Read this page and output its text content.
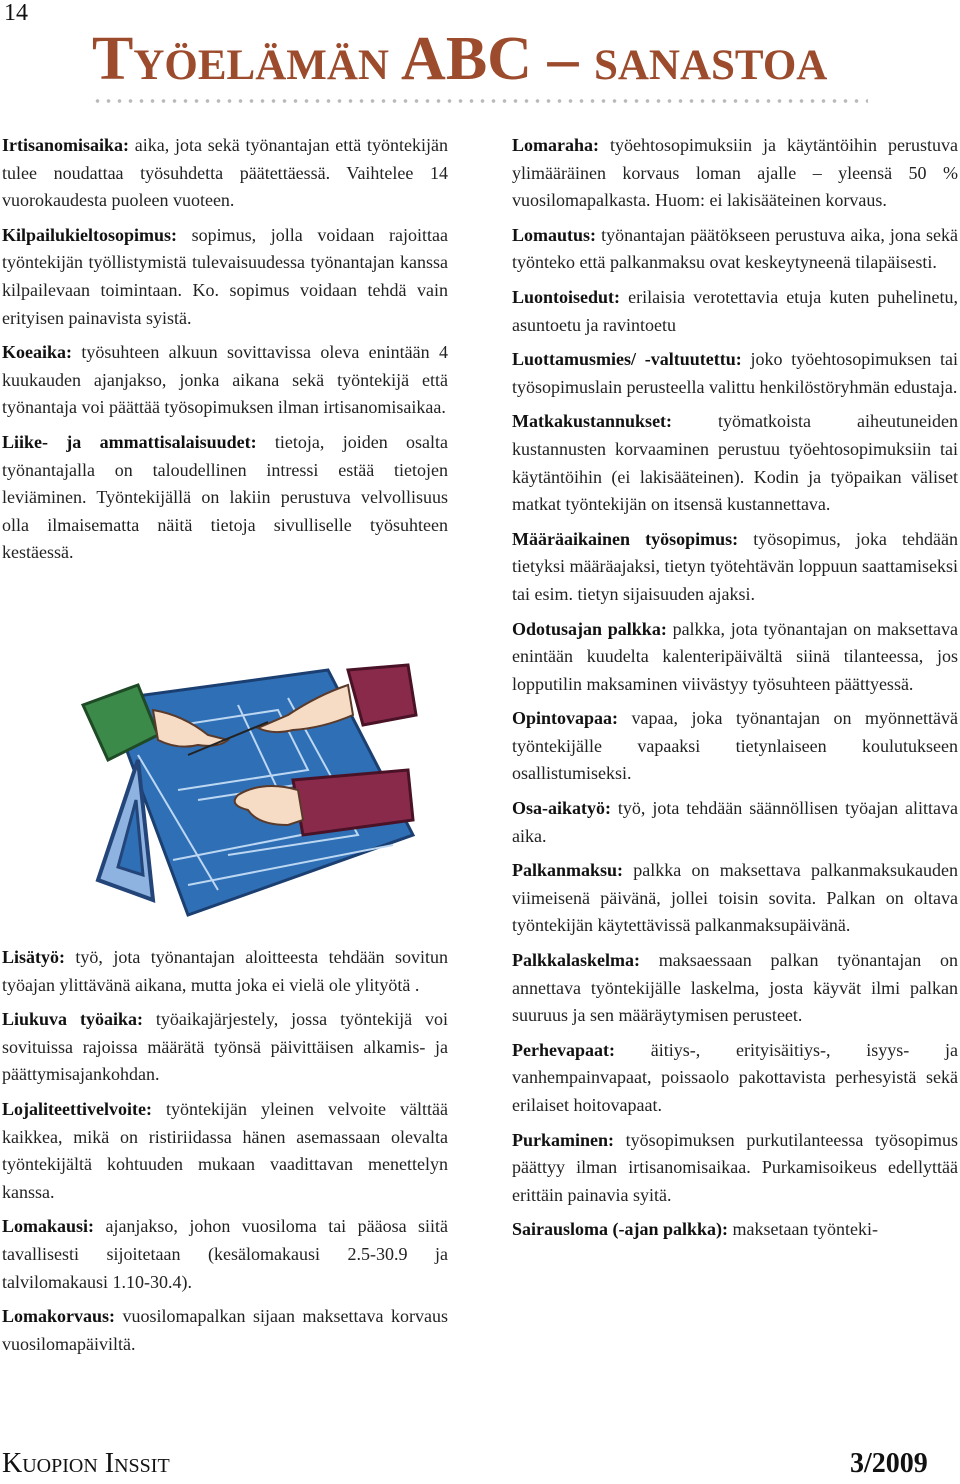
14
Työelämän ABC – sanastoa

Irtisanomisaika: aika, jota sekä työnantajan että työntekijän tulee noudattaa työsuhdetta päätettäessä. Vaihtelee 14 vuorokaudesta puoleen vuoteen.

Kilpailukieltosopimus: sopimus, jolla voidaan rajoittaa työntekijän työllistymistä tulevaisuudessa työnantajan kanssa kilpailevaan toimintaan. Ko. sopimus voidaan tehdä vain erityisen painavista syistä.

Koeaika: työsuhteen alkuun sovittavissa oleva enintään 4 kuukauden ajanjakso, jonka aikana sekä työntekijä että työnantaja voi päättää työsopimuksen ilman irtisanomisaikaa.

Liike- ja ammattisalaisuudet: tietoja, joiden osalta työnantajalla on taloudellinen intressi estää tietojen leviäminen. Työntekijällä on lakiin perustuva velvollisuus olla ilmaisematta näitä tietoja sivulliselle työsuhteen kestäessä.

Lisätyö: työ, jota työnantajan aloitteesta tehdään sovitun työajan ylittävänä aikana, mutta joka ei vielä ole ylityötä .

Liukuva työaika: työaikajärjestely, jossa työntekijä voi sovituissa rajoissa määrätä työnsä päivittäisen alkamis- ja päättymisajankohdan.

Lojaliteettivelvoite: työntekijän yleinen velvoite välttää kaikkea, mikä on ristiriidassa hänen asemassaan olevalta työntekijältä kohtuuden mukaan vaadittavan menettelyn kanssa.

Lomakausi: ajanjakso, johon vuosiloma tai pääosa siitä tavallisesti sijoitetaan (kesälomakausi 2.5-30.9 ja talvilomakausi 1.10-30.4).

Lomakorvaus: vuosilomapalkan sijaan maksettava korvaus vuosilomapäiviltä.

Lomaraha: työehtosopimuksiin ja käytäntöihin perustuva ylimääräinen korvaus loman ajalle – yleensä 50 % vuosilomapalkasta. Huom: ei lakisääteinen korvaus.

Lomautus: työnantajan päätökseen perustuva aika, jona sekä työnteko että palkanmaksu ovat keskeytyneenä tilapäisesti.

Luontoisedut: erilaisia verotettavia etuja kuten puhelinetu, asuntoetu ja ravintoetu

Luottamusmies/ -valtuutettu: joko työehtosopimuksen tai työsopimuslain perusteella valittu henkilöstöryhmän edustaja.

Matkakustannukset: työmatkoista aiheutuneiden kustannusten korvaaminen perustuu työehtosopimuksiin tai käytäntöihin (ei lakisääteinen). Kodin ja työpaikan väliset matkat työntekijän on itsensä kustannettava.

Määräaikainen työsopimus: työsopimus, joka tehdään tietyksi määräajaksi, tietyn työtehtävän loppuun saattamiseksi tai esim. tietyn sijaisuuden ajaksi.

Odotusajan palkka: palkka, jota työnantajan on maksettava enintään kuudelta kalenteripäivältä siinä tilanteessa, jos lopputilin maksaminen viivästyy työsuhteen päättyessä.

Opintovapaa: vapaa, joka työnantajan on myönnettävä työntekijälle vapaaksi tietynlaiseen koulutukseen osallistumiseksi.

Osa-aikatyö: työ, jota tehdään säännöllisen työajan alittava aika.

Palkanmaksu: palkka on maksettava palkanmaksukauden viimeisenä päivänä, jollei toisin sovita. Palkan on oltava työntekijän käytettävissä palkanmaksupäivänä.

Palkkalaskelma: maksaessaan palkan työnantajan on annettava työntekijälle laskelma, josta käyvät ilmi palkan suuruus ja sen määräytymisen perusteet.

Perhevapaat: äitiys-, erityisäitiys-, isyys- ja vanhempainvapaat, poissaolo pakottavista perhesyistä sekä erilaiset hoitovapaat.

Purkaminen: työsopimuksen purkutilanteessa työsopimus päättyy ilman irtisanomisaikaa. Purkamisoikeus edellyttää erittäin painavia syitä.

Sairausloma (-ajan palkka): maksetaan työnteki-

Kuopion Inssit	3/2009
